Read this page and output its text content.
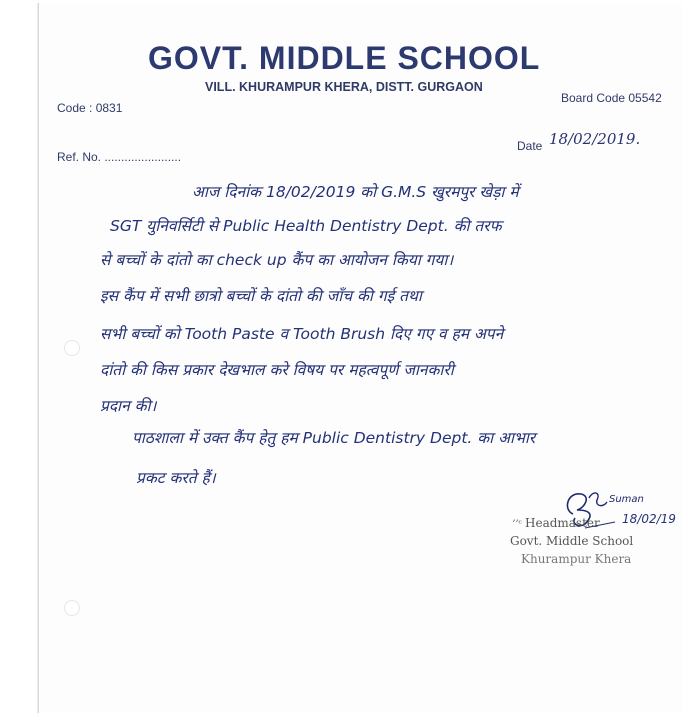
GOVT. MIDDLE SCHOOL
VILL. KHURAMPUR KHERA, DISTT. GURGAON
Code : 0831
Board Code 05542
Ref. No. .......................
Date 18/02/2019.
आज दिनांक 18/02/2019 को G.M.S खुरमपुर खेड़ा में
SGT युनिवर्सिटी से Public Health Dentistry Dept. की तरफ
से बच्चों के दांतो का check up कैंप का आयोजन किया गया।
इस कैंप में सभी छात्रो बच्चों के दांतो की जाँच की गई तथा
सभी बच्चों को Tooth Paste व Tooth Brush दिए गए व हम अपने
दांतो की किस प्रकार देखभाल करे विषय पर महत्वपूर्ण जानकारी
प्रदान की।
पाठशाला में उक्त कैंप हेतु हम Public Dentistry Dept. का आभार
प्रकट करते हैं।
Suman
ʼʼᶜ Headmaster 18/02/19
Govt. Middle School
Khurampur Khera
